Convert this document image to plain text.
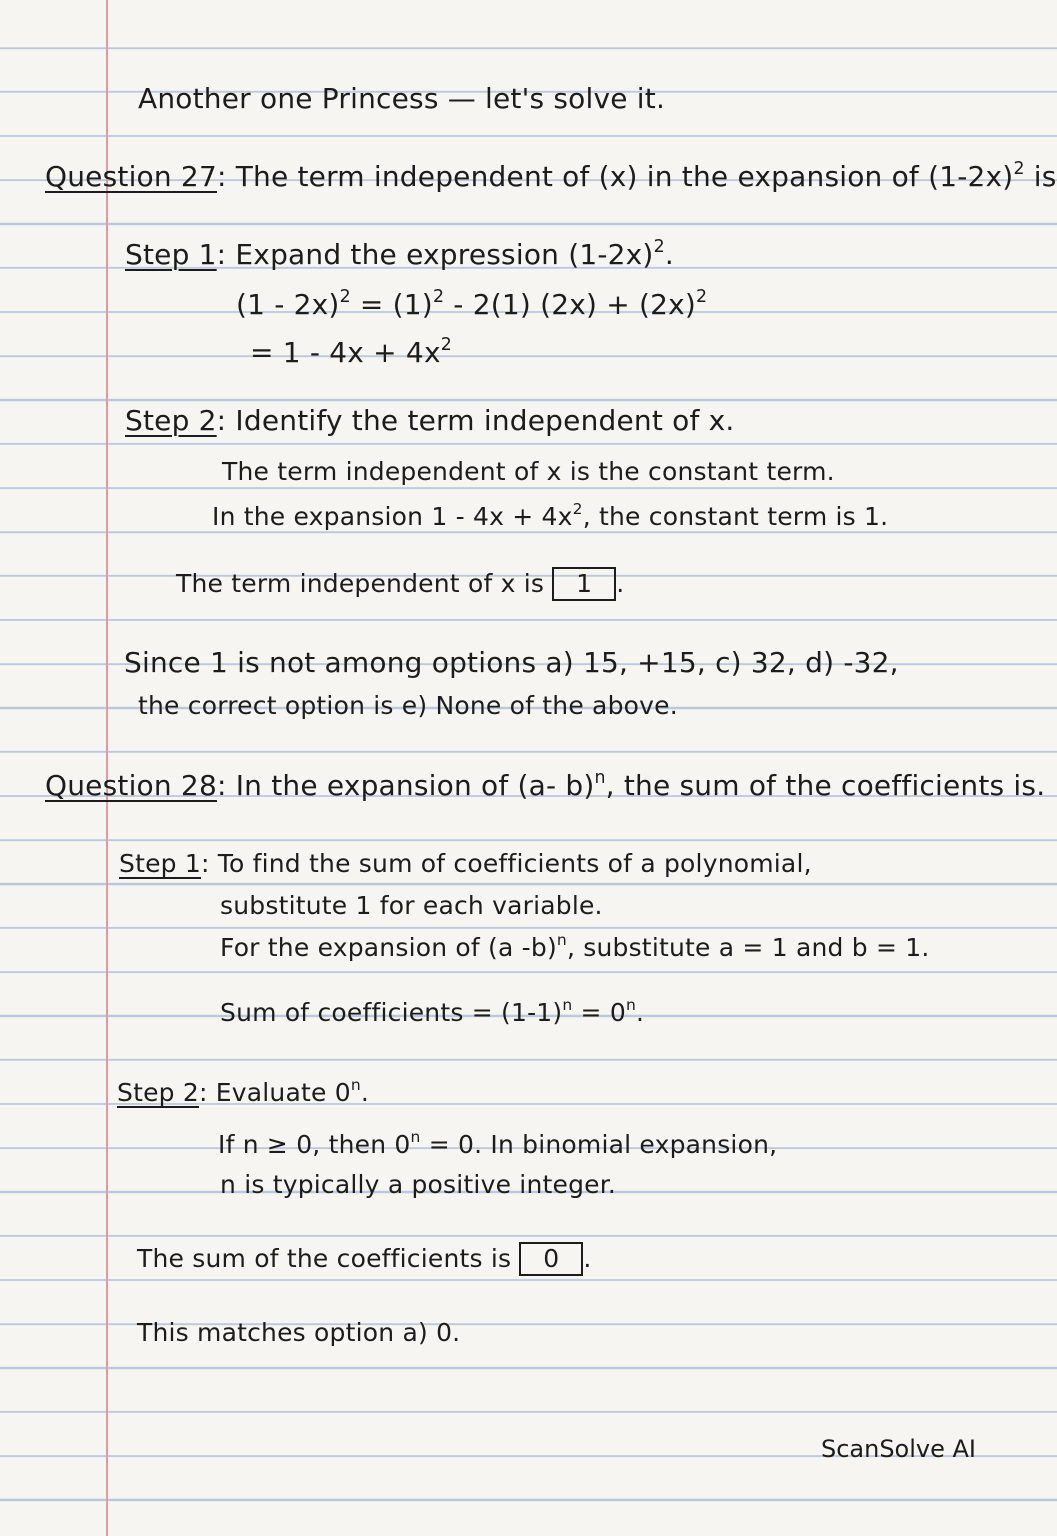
Another one Princess — let's solve it.
Question 27: The term independent of (x) in the expansion of $(1-2x)^2$ is
Step 1: Expand the expression $(1-2x)^2$.
$(1 - 2x)^2 = (1)^2 - 2(1) (2x) + (2x)^2$
= $1 - 4x + 4x^2$
Step 2: Identify the term independent of x.
The term independent of x is the constant term.
In the expansion $1 - 4x + 4x^2$, the constant term is 1.
The term independent of x is 1 .
Since 1 is not among options a) 15, +15, c) 32, d) -32,
the correct option is e) None of the above.
Question 28: In the expansion of (a- b)$^n$, the sum of the coefficients is.
Step 1: To find the sum of coefficients of a polynomial,
substitute 1 for each variable.
For the expansion of (a -b)$^n$, substitute a = 1 and b = 1.
Sum of coefficients = $(1-1)^n = 0^n$.
Step 2: Evaluate 0$^n$.
If n ≥ 0, then $0^n = 0$. In binomial expansion,
n is typically a positive integer.
The sum of the coefficients is 0 .
This matches option a) 0.
ScanSolve AI
